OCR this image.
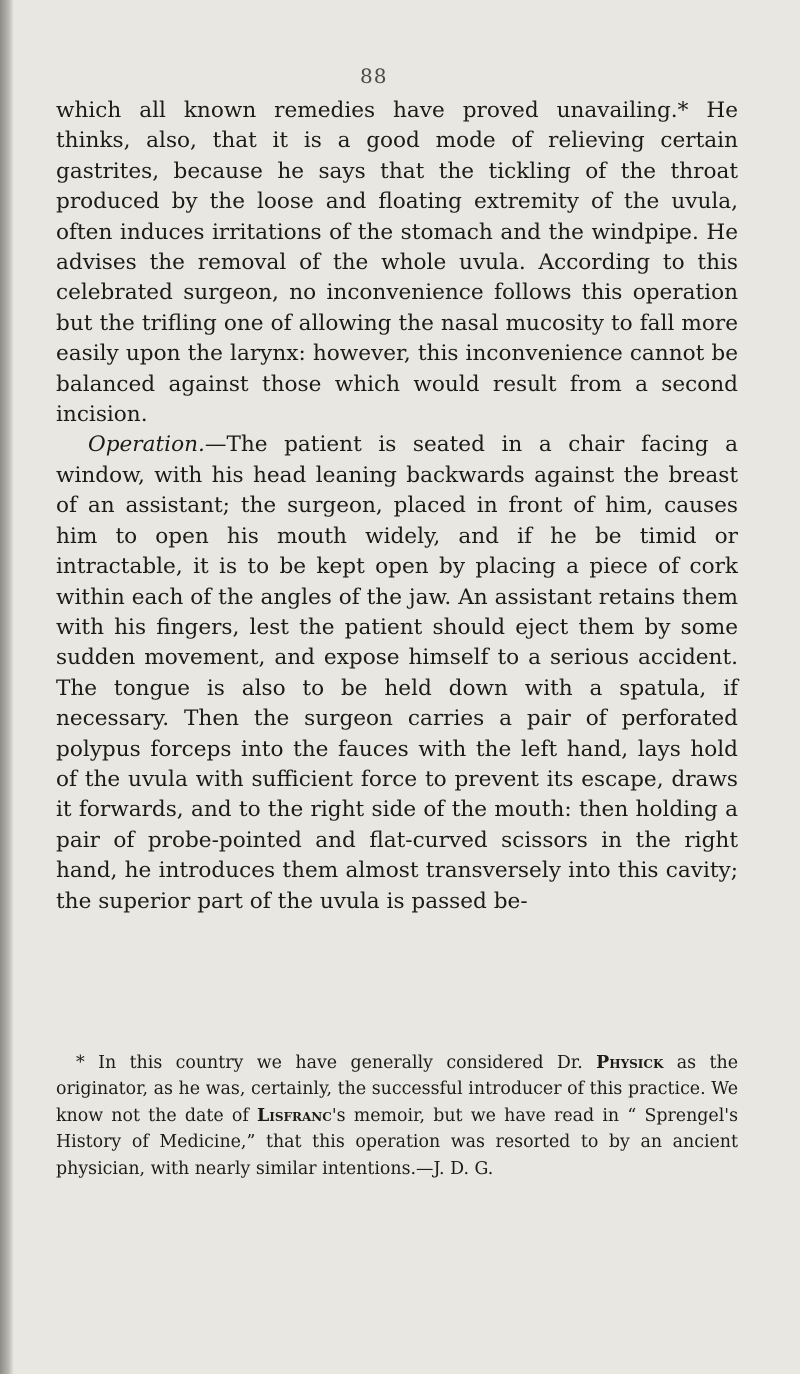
88

which all known remedies have proved unavailing.* He thinks, also, that it is a good mode of relieving certain gastrites, because he says that the tickling of the throat produced by the loose and floating extremity of the uvula, often induces irritations of the stomach and the windpipe. He advises the removal of the whole uvula. According to this celebrated surgeon, no inconvenience follows this operation but the trifling one of allowing the nasal mucosity to fall more easily upon the larynx: however, this inconvenience cannot be balanced against those which would result from a second incision.

Operation.—The patient is seated in a chair facing a window, with his head leaning backwards against the breast of an assistant; the surgeon, placed in front of him, causes him to open his mouth widely, and if he be timid or intractable, it is to be kept open by placing a piece of cork within each of the angles of the jaw. An assistant retains them with his fingers, lest the patient should eject them by some sudden movement, and expose himself to a serious accident. The tongue is also to be held down with a spatula, if necessary. Then the surgeon carries a pair of perforated polypus forceps into the fauces with the left hand, lays hold of the uvula with sufficient force to prevent its escape, draws it forwards, and to the right side of the mouth: then holding a pair of probe-pointed and flat-curved scissors in the right hand, he introduces them almost transversely into this cavity; the superior part of the uvula is passed be-

* In this country we have generally considered Dr. Physick as the originator, as he was, certainly, the successful introducer of this practice. We know not the date of Lisfranc's memoir, but we have read in “ Sprengel's History of Medicine,” that this operation was resorted to by an ancient physician, with nearly similar intentions.—J. D. G.
